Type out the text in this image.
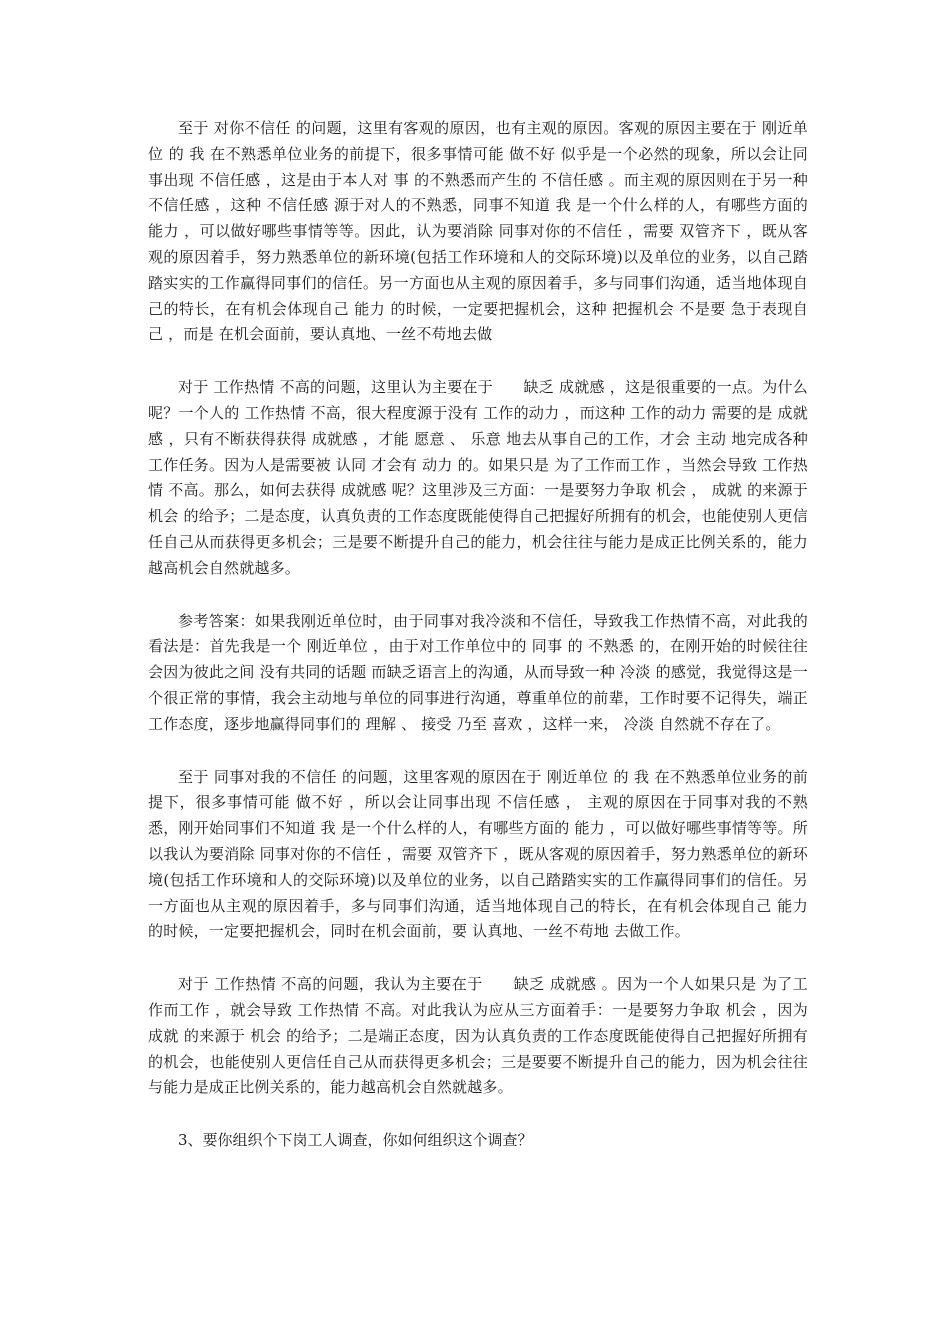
至于 对你不信任 的问题，这里有客观的原因，也有主观的原因。客观的原因主要在于 刚近单位 的 我 在不熟悉单位业务的前提下，很多事情可能 做不好 似乎是一个必然的现象，所以会让同事出现 不信任感 ，这是由于本人对 事 的不熟悉而产生的 不信任感 。而主观的原因则在于另一种 不信任感 ，这种 不信任感 源于对人的不熟悉，同事不知道 我 是一个什么样的人，有哪些方面的 能力 ，可以做好哪些事情等等。因此，认为要消除 同事对你的不信任 ，需要 双管齐下 ，既从客观的原因着手，努力熟悉单位的新环境(包括工作环境和人的交际环境)以及单位的业务，以自己踏踏实实的工作赢得同事们的信任。另一方面也从主观的原因着手，多与同事们沟通，适当地体现自己的特长，在有机会体现自己 能力 的时候，一定要把握机会，这种 把握机会 不是要 急于表现自己 ，而是 在机会面前，要认真地、一丝不苟地去做

对于 工作热情 不高的问题，这里认为主要在于　　缺乏 成就感 ，这是很重要的一点。为什么呢？一个人的 工作热情 不高，很大程度源于没有 工作的动力 ，而这种 工作的动力 需要的是 成就感 ，只有不断获得获得 成就感 ，才能 愿意 、 乐意 地去从事自己的工作，才会 主动 地完成各种工作任务。因为人是需要被 认同 才会有 动力 的。如果只是 为了工作而工作 ，当然会导致 工作热情 不高。那么，如何去获得 成就感 呢？这里涉及三方面：一是要努力争取 机会 ， 成就 的来源于 机会 的给予；二是态度，认真负责的工作态度既能使得自己把握好所拥有的机会，也能使别人更信任自己从而获得更多机会；三是要不断提升自己的能力，机会往往与能力是成正比例关系的，能力越高机会自然就越多。

参考答案：如果我刚近单位时，由于同事对我冷淡和不信任，导致我工作热情不高，对此我的看法是：首先我是一个 刚近单位 ，由于对工作单位中的 同事 的 不熟悉 的，在刚开始的时候往往会因为彼此之间 没有共同的话题 而缺乏语言上的沟通，从而导致一种 冷淡 的感觉，我觉得这是一个很正常的事情，我会主动地与单位的同事进行沟通，尊重单位的前辈，工作时要不记得失，端正工作态度，逐步地赢得同事们的 理解 、 接受 乃至 喜欢 ，这样一来， 冷淡 自然就不存在了。

至于 同事对我的不信任 的问题，这里客观的原因在于 刚近单位 的 我 在不熟悉单位业务的前提下，很多事情可能 做不好 ，所以会让同事出现 不信任感 ， 主观的原因在于同事对我的不熟悉，刚开始同事们不知道 我 是一个什么样的人，有哪些方面的 能力 ，可以做好哪些事情等等。所以我认为要消除 同事对你的不信任 ，需要 双管齐下 ，既从客观的原因着手，努力熟悉单位的新环境(包括工作环境和人的交际环境)以及单位的业务，以自己踏踏实实的工作赢得同事们的信任。另一方面也从主观的原因着手，多与同事们沟通，适当地体现自己的特长，在有机会体现自己 能力 的时候，一定要把握机会，同时在机会面前，要 认真地、一丝不苟地 去做工作。

对于 工作热情 不高的问题，我认为主要在于　　缺乏 成就感 。因为一个人如果只是 为了工作而工作 ，就会导致 工作热情 不高。对此我认为应从三方面着手：一是要努力争取 机会 ，因为 成就 的来源于 机会 的给予；二是端正态度，因为认真负责的工作态度既能使得自己把握好所拥有的机会，也能使别人更信任自己从而获得更多机会；三是要要不断提升自己的能力，因为机会往往与能力是成正比例关系的，能力越高机会自然就越多。

3、要你组织个下岗工人调查，你如何组织这个调查？
